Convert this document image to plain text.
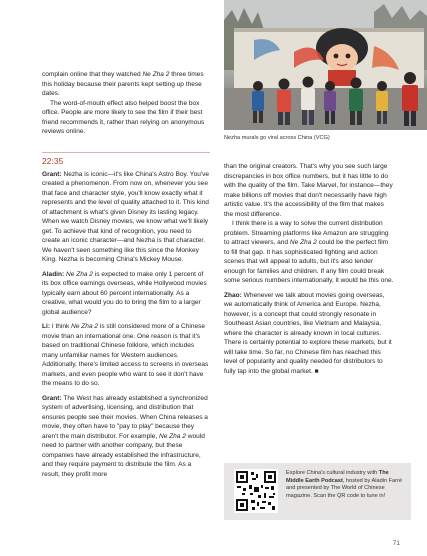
complain online that they watched Ne Zha 2 three times this holiday because their parents kept setting up these dates.

The word-of-mouth effect also helped boost the box office. People are more likely to see the film if their best friend recommends it, rather than relying on anonymous reviews online.

22:35

Grant: Nezha is iconic—it's like China's Astro Boy. You've created a phenomenon. From now on, whenever you see that face and character style, you'll know exactly what it represents and the level of quality attached to it. This kind of attachment is what's given Disney its lasting legacy. When we watch Disney movies, we know what we'll likely get. To achieve that kind of recognition, you need to create an iconic character—and Nezha is that character. We haven't seen something like this since the Monkey King. Nezha is becoming China's Mickey Mouse.

Aladin: Ne Zha 2 is expected to make only 1 percent of its box office earnings overseas, while Hollywood movies typically earn about 60 percent internationally. As a creative, what would you do to bring the film to a larger global audience?

Li: I think Ne Zha 2 is still considered more of a Chinese movie than an international one. One reason is that it's based on traditional Chinese folklore, which includes many unfamiliar names for Western audiences. Additionally, there's limited access to screens in overseas markets, and even people who want to see it don't have the means to do so.

Grant: The West has already established a synchronized system of advertising, licensing, and distribution that ensures people see their movies. When China releases a movie, they often have to "pay to play" because they aren't the main distributor. For example, Ne Zha 2 would need to partner with another company, but these companies have already established the infrastructure, and they require payment to distribute the film. As a result, they profit more

Nezha murals go viral across China (VCG)

than the original creators. That's why you see such large discrepancies in box office numbers, but it has little to do with the quality of the film. Take Marvel, for instance—they make billions off movies that don't necessarily have high artistic value. It's the accessibility of the film that makes the most difference.

I think there is a way to solve the current distribution problem. Streaming platforms like Amazon are struggling to attract viewers, and Ne Zha 2 could be the perfect film to fill that gap. It has sophisticated fighting and action scenes that will appeal to adults, but it's also tender enough for families and children. If any film could break some serious numbers internationally, it would be this one.

Zhao: Whenever we talk about movies going overseas, we automatically think of America and Europe. Nezha, however, is a concept that could strongly resonate in Southeast Asian countries, like Vietnam and Malaysia, where the character is already known in local cultures. There is certainly potential to explore these markets, but it will take time. So far, no Chinese film has reached this level of popularity and quality needed for distributors to fully tap into the global market. ■

Explore China's cultural industry with The Middle Earth Podcast, hosted by Aladin Farré and presented by The World of Chinese magazine. Scan the QR code to tune in!
71
